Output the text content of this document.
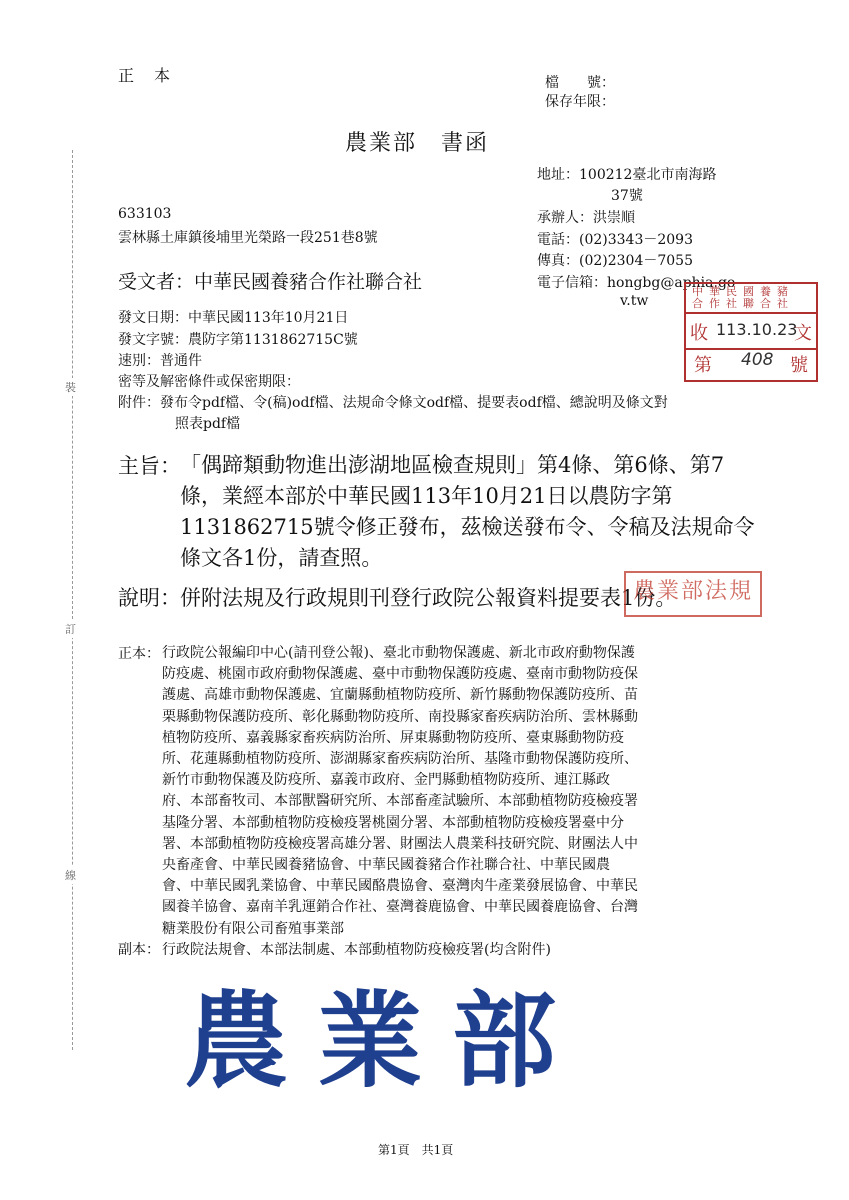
裝
訂
線
正　本	檔　　號：
保存年限：
農業部　書函
地址：100212臺北市南海路
37號
承辦人：洪崇順
電話：(02)3343－2093
傳真：(02)2304－7055
電子信箱：hongbg@aphia.go
v.tw
633103
雲林縣土庫鎮後埔里光榮路一段251巷8號
受文者：中華民國養豬合作社聯合社
發文日期：中華民國113年10月21日
發文字號：農防字第1131862715C號
速別：普通件
密等及解密條件或保密期限：
附件：發布令pdf檔、令(稿)odf檔、法規命令條文odf檔、提要表odf檔、總說明及條文對
照表pdf檔
中華民國養豬
合作社聯合社
收 113.10.23
文
第 408 號
主旨： 「偶蹄類動物進出澎湖地區檢查規則」第4條、第6條、第7
條，業經本部於中華民國113年10月21日以農防字第
1131862715號令修正發布，茲檢送發布令、令稿及法規命令
條文各1份，請查照。
說明： 併附法規及行政規則刊登行政院公報資料提要表1份。
農業部法規
正本： 行政院公報編印中心(請刊登公報)、臺北市動物保護處、新北市政府動物保護
防疫處、桃園市政府動物保護處、臺中市動物保護防疫處、臺南市動物防疫保
護處、高雄市動物保護處、宜蘭縣動植物防疫所、新竹縣動物保護防疫所、苗
栗縣動物保護防疫所、彰化縣動物防疫所、南投縣家畜疾病防治所、雲林縣動
植物防疫所、嘉義縣家畜疾病防治所、屏東縣動物防疫所、臺東縣動物防疫
所、花蓮縣動植物防疫所、澎湖縣家畜疾病防治所、基隆市動物保護防疫所、
新竹市動物保護及防疫所、嘉義市政府、金門縣動植物防疫所、連江縣政
府、本部畜牧司、本部獸醫研究所、本部畜產試驗所、本部動植物防疫檢疫署
基隆分署、本部動植物防疫檢疫署桃園分署、本部動植物防疫檢疫署臺中分
署、本部動植物防疫檢疫署高雄分署、財團法人農業科技研究院、財團法人中
央畜產會、中華民國養豬協會、中華民國養豬合作社聯合社、中華民國農
會、中華民國乳業協會、中華民國酪農協會、臺灣肉牛產業發展協會、中華民
國養羊協會、嘉南羊乳運銷合作社、臺灣養鹿協會、中華民國養鹿協會、台灣
糖業股份有限公司畜殖事業部
副本： 行政院法規會、本部法制處、本部動植物防疫檢疫署(均含附件)
農業部
第1頁　共1頁
